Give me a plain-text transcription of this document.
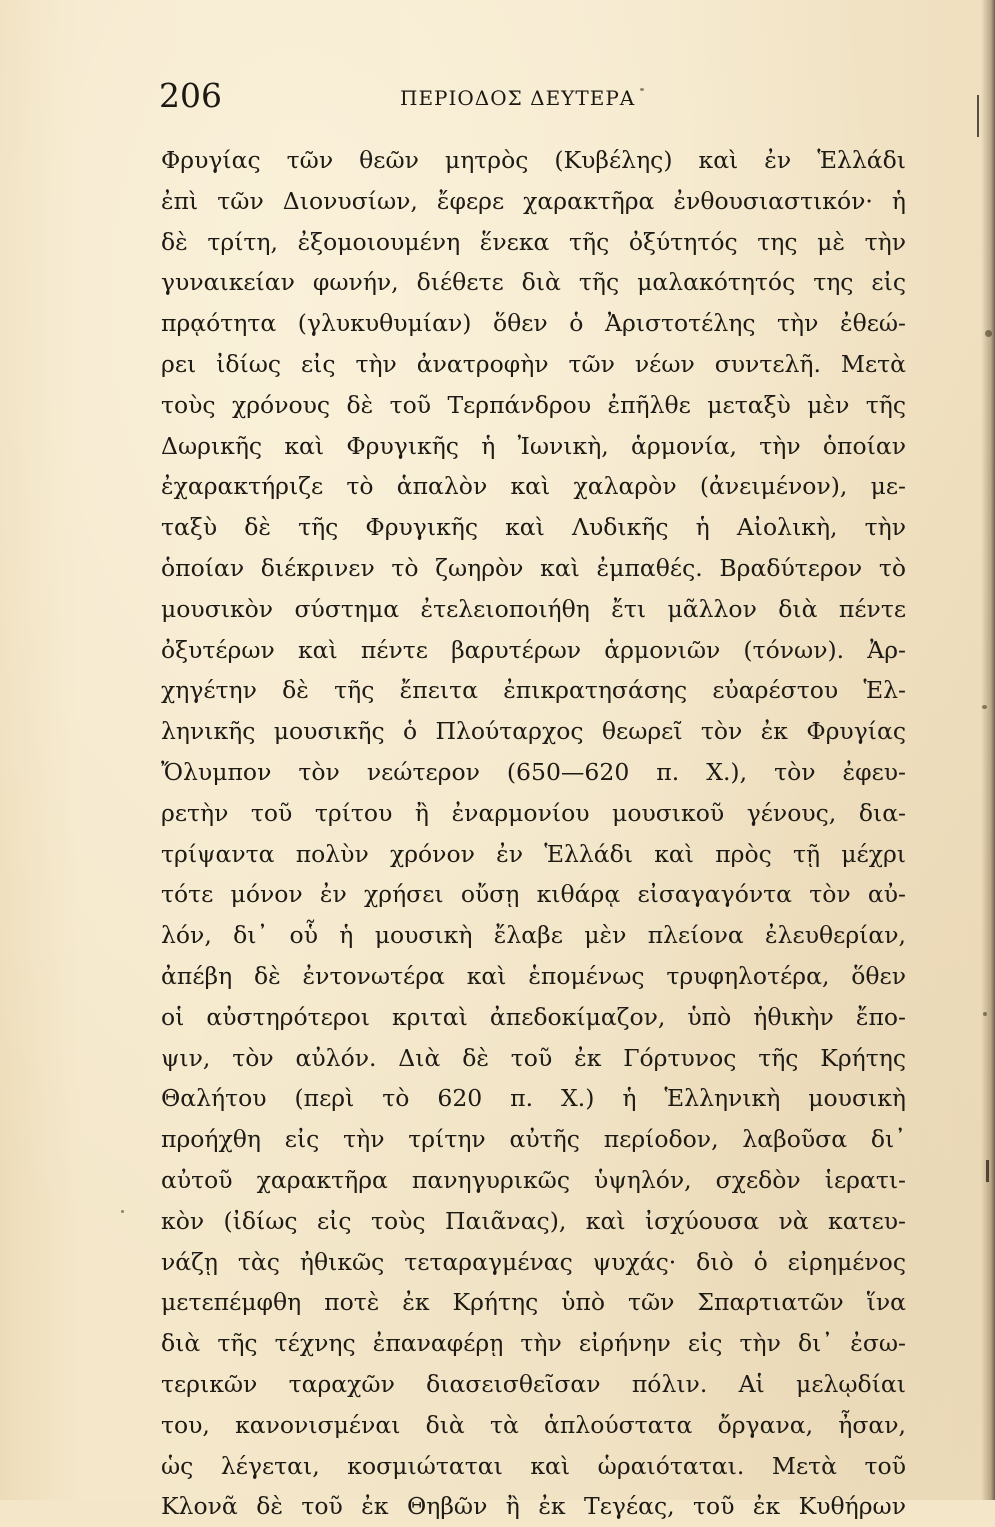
206	ΠΕΡΙΟΔΟΣ ΔΕΥΤΕΡΑ
Φρυγίας τῶν θεῶν μητρὸς (Κυβέλης) καὶ ἐν Ἑλλάδι
ἐπὶ τῶν Διονυσίων, ἔφερε χαρακτῆρα ἐνθουσιαστικόν· ἡ
δὲ τρίτη, ἐξομοιουμένη ἕνεκα τῆς ὀξύτητός της μὲ τὴν
γυναικείαν φωνήν, διέθετε διὰ τῆς μαλακότητός της εἰς
πρᾳότητα (γλυκυθυμίαν) ὅθεν ὁ Ἀριστοτέλης τὴν ἐθεώ-
ρει ἰδίως εἰς τὴν ἀνατροφὴν τῶν νέων συντελῆ. Μετὰ
τοὺς χρόνους δὲ τοῦ Τερπάνδρου ἐπῆλθε μεταξὺ μὲν τῆς
Δωρικῆς καὶ Φρυγικῆς ἡ Ἰωνικὴ, ἁρμονία, τὴν ὁποίαν
ἐχαρακτήριζε τὸ ἁπαλὸν καὶ χαλαρὸν (ἀνειμένον), με-
ταξὺ δὲ τῆς Φρυγικῆς καὶ Λυδικῆς ἡ Αἰολικὴ, τὴν
ὁποίαν διέκρινεν τὸ ζωηρὸν καὶ ἐμπαθές. Βραδύτερον τὸ
μουσικὸν σύστημα ἐτελειοποιήθη ἔτι μᾶλλον διὰ πέντε
ὀξυτέρων καὶ πέντε βαρυτέρων ἁρμονιῶν (τόνων). Ἀρ-
χηγέτην δὲ τῆς ἔπειτα ἐπικρατησάσης εὐαρέστου Ἑλ-
ληνικῆς μουσικῆς ὁ Πλούταρχος θεωρεῖ τὸν ἐκ Φρυγίας
Ὄλυμπον τὸν νεώτερον (650—620 π. Χ.), τὸν ἐφευ-
ρετὴν τοῦ τρίτου ἢ ἐναρμονίου μουσικοῦ γένους, δια-
τρίψαντα πολὺν χρόνον ἐν Ἑλλάδι καὶ πρὸς τῇ μέχρι
τότε μόνον ἐν χρήσει οὔσῃ κιθάρᾳ εἰσαγαγόντα τὸν αὐ-
λόν, δι᾽ οὗ ἡ μουσικὴ ἔλαβε μὲν πλείονα ἐλευθερίαν,
ἀπέβη δὲ ἐντονωτέρα καὶ ἑπομένως τρυφηλοτέρα, ὅθεν
οἱ αὐστηρότεροι κριταὶ ἀπεδοκίμαζον, ὑπὸ ἠθικὴν ἔπο-
ψιν, τὸν αὐλόν. Διὰ δὲ τοῦ ἐκ Γόρτυνος τῆς Κρήτης
Θαλήτου (περὶ τὸ 620 π. Χ.) ἡ Ἑλληνικὴ μουσικὴ
προήχθη εἰς τὴν τρίτην αὐτῆς περίοδον, λαβοῦσα δι᾽
αὐτοῦ χαρακτῆρα πανηγυρικῶς ὑψηλόν, σχεδὸν ἱερατι-
κὸν (ἰδίως εἰς τοὺς Παιᾶνας), καὶ ἰσχύουσα νὰ κατευ-
νάζῃ τὰς ἠθικῶς τεταραγμένας ψυχάς· διὸ ὁ εἰρημένος
μετεπέμφθη ποτὲ ἐκ Κρήτης ὑπὸ τῶν Σπαρτιατῶν ἵνα
διὰ τῆς τέχνης ἐπαναφέρῃ τὴν εἰρήνην εἰς τὴν δι᾽ ἐσω-
τερικῶν ταραχῶν διασεισθεῖσαν πόλιν. Αἱ μελῳδίαι
του, κανονισμέναι διὰ τὰ ἁπλούστατα ὄργανα, ἦσαν,
ὡς λέγεται, κοσμιώταται καὶ ὡραιόταται. Μετὰ τοῦ
Κλονᾶ δὲ τοῦ ἐκ Θηβῶν ἢ ἐκ Τεγέας, τοῦ ἐκ Κυθήρων
